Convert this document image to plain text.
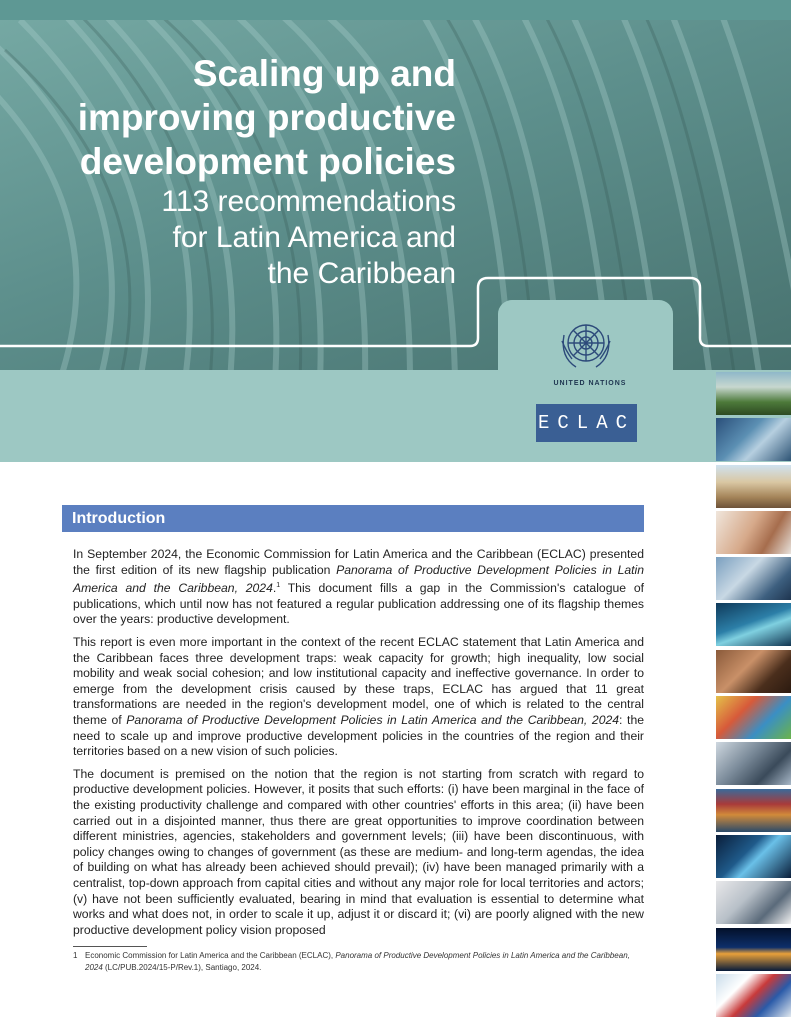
Scaling up and
improving productive
development policies
113 recommendations
for Latin America and
the Caribbean
UNITED NATIONS
ECLAC
Introduction

In September 2024, the Economic Commission for Latin America and the Caribbean (ECLAC) presented the first edition of its new flagship publication Panorama of Productive Development Policies in Latin America and the Caribbean, 2024.$^1$ This document fills a gap in the Commission's catalogue of publications, which until now has not featured a regular publication addressing one of its flagship themes over the years: productive development.

This report is even more important in the context of the recent ECLAC statement that Latin America and the Caribbean faces three development traps: weak capacity for growth; high inequality, low social mobility and weak social cohesion; and low institutional capacity and ineffective governance. In order to emerge from the development crisis caused by these traps, ECLAC has argued that 11 great transformations are needed in the region's development model, one of which is related to the central theme of Panorama of Productive Development Policies in Latin America and the Caribbean, 2024: the need to scale up and improve productive development policies in the countries of the region and their territories based on a new vision of such policies.

The document is premised on the notion that the region is not starting from scratch with regard to productive development policies. However, it posits that such efforts: (i) have been marginal in the face of the existing productivity challenge and compared with other countries' efforts in this area; (ii) have been carried out in a disjointed manner, thus there are great opportunities to improve coordination between different ministries, agencies, stakeholders and government levels; (iii) have been discontinuous, with policy changes owing to changes of government (as these are medium- and long-term agendas, the idea of building on what has already been achieved should prevail); (iv) have been managed primarily with a centralist, top-down approach from capital cities and without any major role for local territories and actors; (v) have not been sufficiently evaluated, bearing in mind that evaluation is essential to determine what works and what does not, in order to scale it up, adjust it or discard it; (vi) are poorly aligned with the new productive development policy vision proposed

1 Economic Commission for Latin America and the Caribbean (ECLAC), Panorama of Productive Development Policies in Latin America and the Caribbean, 2024 (LC/PUB.2024/15-P/Rev.1), Santiago, 2024.
